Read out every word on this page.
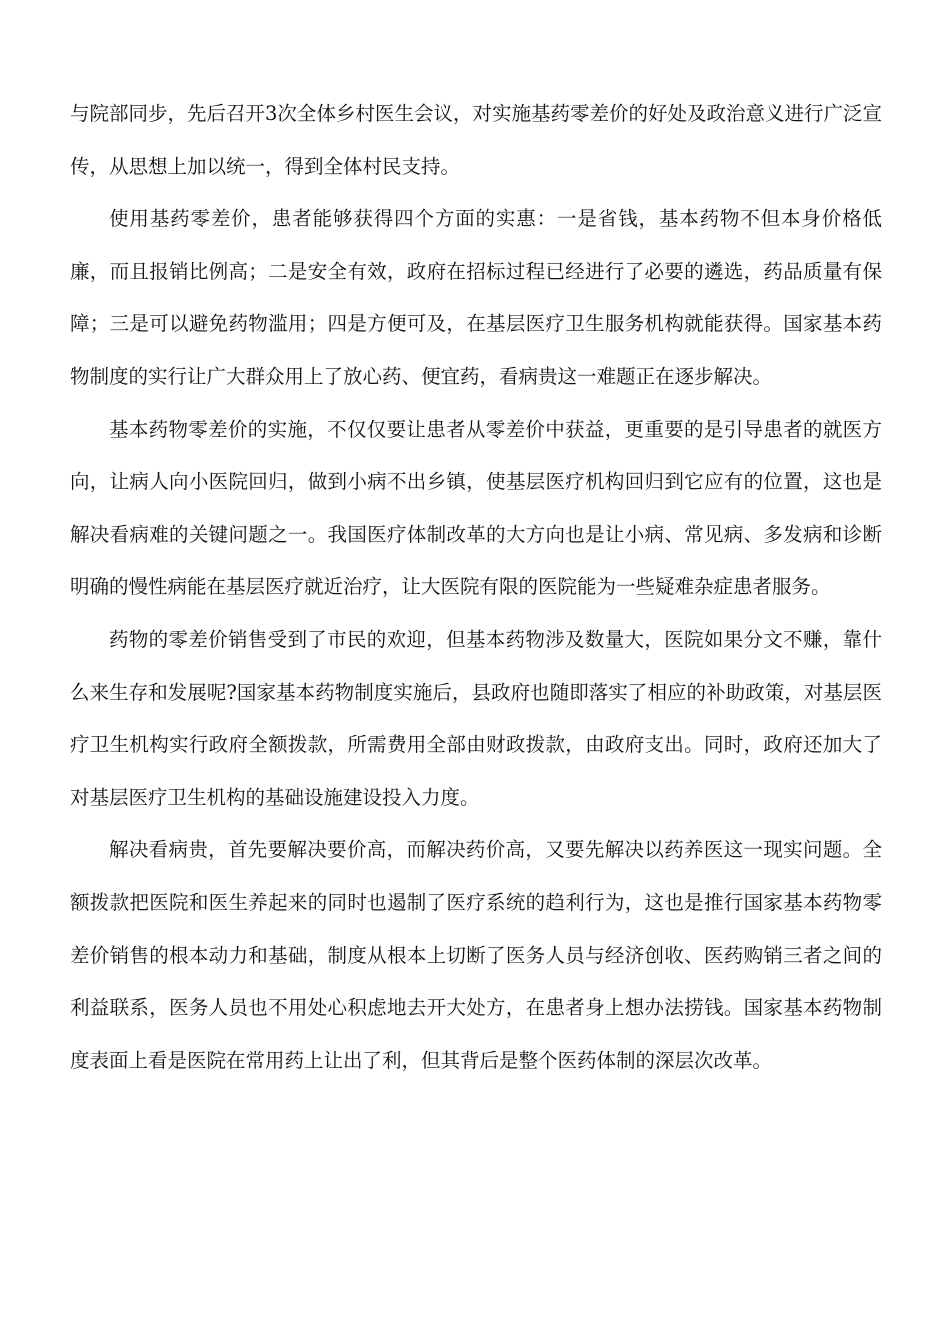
与院部同步，先后召开3次全体乡村医生会议，对实施基药零差价的好处及政治意义进行广泛宣传，从思想上加以统一，得到全体村民支持。

使用基药零差价，患者能够获得四个方面的实惠：一是省钱，基本药物不但本身价格低廉，而且报销比例高；二是安全有效，政府在招标过程已经进行了必要的遴选，药品质量有保障；三是可以避免药物滥用；四是方便可及，在基层医疗卫生服务机构就能获得。国家基本药物制度的实行让广大群众用上了放心药、便宜药，看病贵这一难题正在逐步解决。

基本药物零差价的实施，不仅仅要让患者从零差价中获益，更重要的是引导患者的就医方向，让病人向小医院回归，做到小病不出乡镇，使基层医疗机构回归到它应有的位置，这也是解决看病难的关键问题之一。我国医疗体制改革的大方向也是让小病、常见病、多发病和诊断明确的慢性病能在基层医疗就近治疗，让大医院有限的医院能为一些疑难杂症患者服务。

药物的零差价销售受到了市民的欢迎，但基本药物涉及数量大，医院如果分文不赚，靠什么来生存和发展呢?国家基本药物制度实施后，县政府也随即落实了相应的补助政策，对基层医疗卫生机构实行政府全额拨款，所需费用全部由财政拨款，由政府支出。同时，政府还加大了对基层医疗卫生机构的基础设施建设投入力度。

解决看病贵，首先要解决要价高，而解决药价高，又要先解决以药养医这一现实问题。全额拨款把医院和医生养起来的同时也遏制了医疗系统的趋利行为，这也是推行国家基本药物零差价销售的根本动力和基础，制度从根本上切断了医务人员与经济创收、医药购销三者之间的利益联系，医务人员也不用处心积虑地去开大处方，在患者身上想办法捞钱。国家基本药物制度表面上看是医院在常用药上让出了利，但其背后是整个医药体制的深层次改革。
